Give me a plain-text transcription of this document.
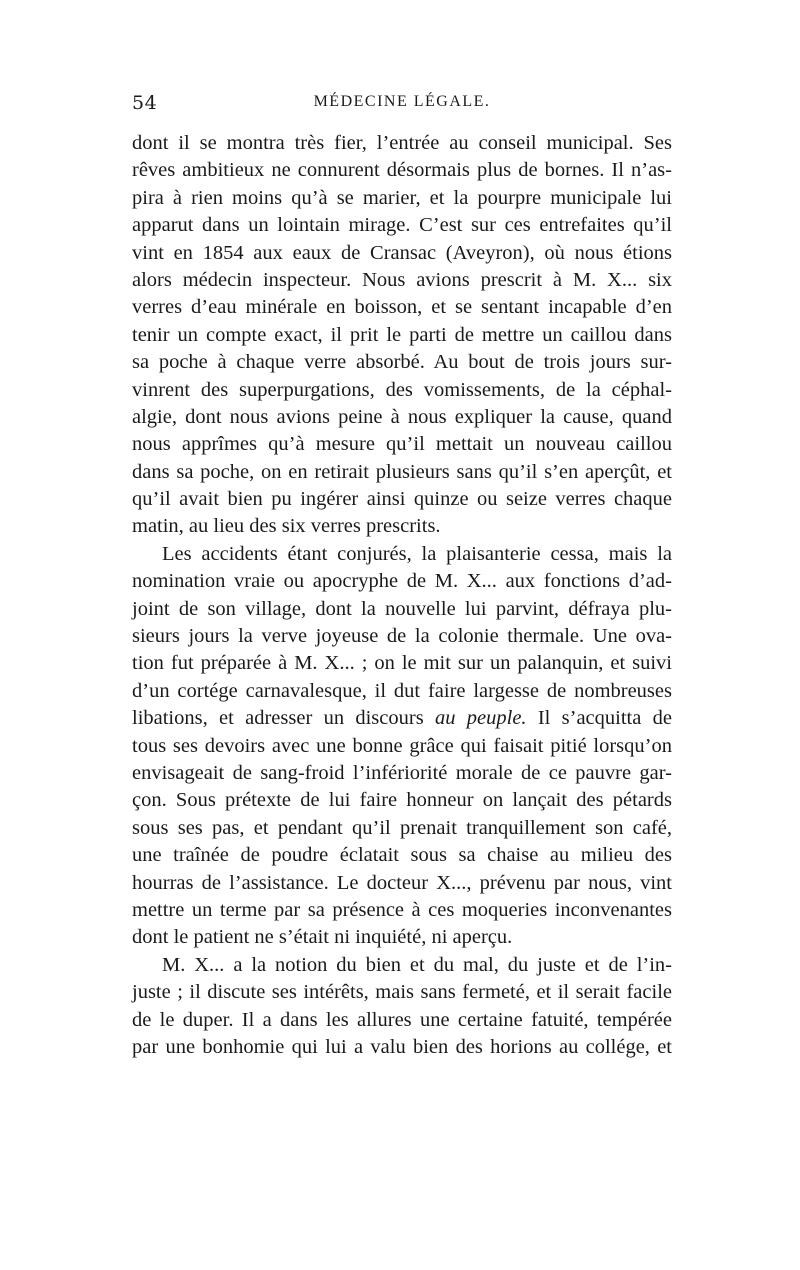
54	MÉDECINE LÉGALE.
dont il se montra très fier, l’entrée au conseil municipal. Ses
rêves ambitieux ne connurent désormais plus de bornes. Il n’as-
pira à rien moins qu’à se marier, et la pourpre municipale lui
apparut dans un lointain mirage. C’est sur ces entrefaites qu’il
vint en 1854 aux eaux de Cransac (Aveyron), où nous étions
alors médecin inspecteur. Nous avions prescrit à M. X... six
verres d’eau minérale en boisson, et se sentant incapable d’en
tenir un compte exact, il prit le parti de mettre un caillou dans
sa poche à chaque verre absorbé. Au bout de trois jours sur-
vinrent des superpurgations, des vomissements, de la céphal-
algie, dont nous avions peine à nous expliquer la cause, quand
nous apprîmes qu’à mesure qu’il mettait un nouveau caillou
dans sa poche, on en retirait plusieurs sans qu’il s’en aperçût, et
qu’il avait bien pu ingérer ainsi quinze ou seize verres chaque
matin, au lieu des six verres prescrits.
Les accidents étant conjurés, la plaisanterie cessa, mais la
nomination vraie ou apocryphe de M. X... aux fonctions d’ad-
joint de son village, dont la nouvelle lui parvint, défraya plu-
sieurs jours la verve joyeuse de la colonie thermale. Une ova-
tion fut préparée à M. X... ; on le mit sur un palanquin, et suivi
d’un cortége carnavalesque, il dut faire largesse de nombreuses
libations, et adresser un discours au peuple. Il s’acquitta de
tous ses devoirs avec une bonne grâce qui faisait pitié lorsqu’on
envisageait de sang-froid l’infériorité morale de ce pauvre gar-
çon. Sous prétexte de lui faire honneur on lançait des pétards
sous ses pas, et pendant qu’il prenait tranquillement son café,
une traînée de poudre éclatait sous sa chaise au milieu des
hourras de l’assistance. Le docteur X..., prévenu par nous, vint
mettre un terme par sa présence à ces moqueries inconvenantes
dont le patient ne s’était ni inquiété, ni aperçu.
M. X... a la notion du bien et du mal, du juste et de l’in-
juste ; il discute ses intérêts, mais sans fermeté, et il serait facile
de le duper. Il a dans les allures une certaine fatuité, tempérée
par une bonhomie qui lui a valu bien des horions au collége, et
